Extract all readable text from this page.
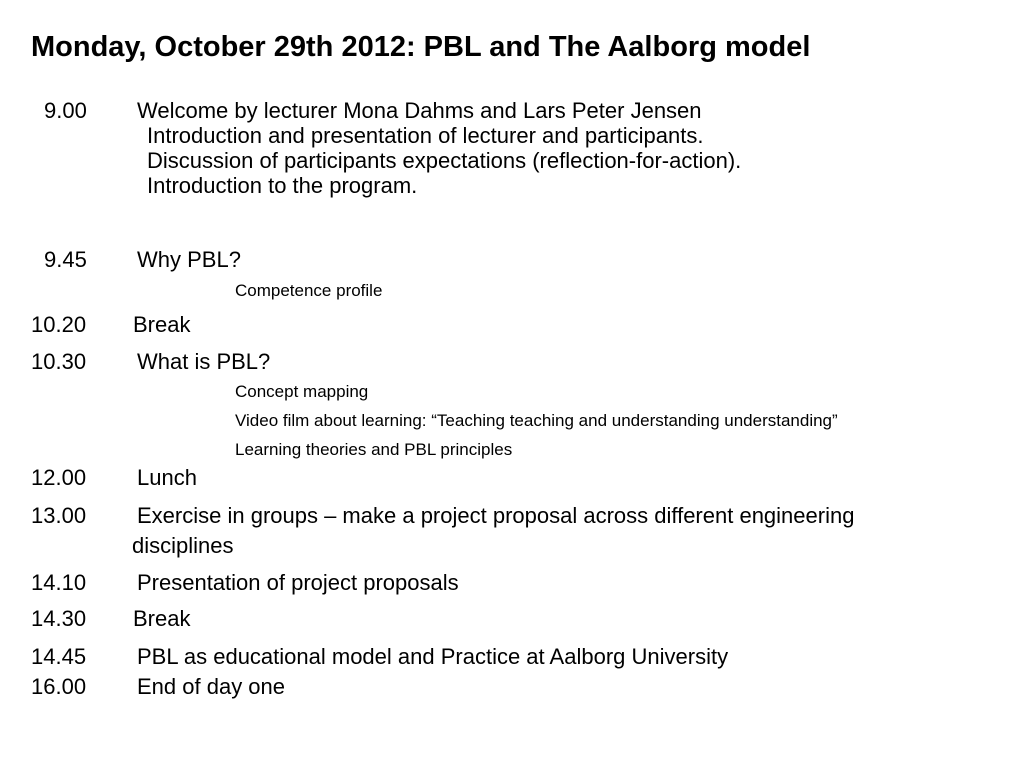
Monday, October 29th 2012: PBL and The Aalborg model
9.00 Welcome by lecturer Mona Dahms and Lars Peter Jensen
Introduction and presentation of lecturer and participants.
Discussion of participants expectations (reflection-for-action).
Introduction to the program.
9.45 Why PBL?
Competence profile
10.20 Break
10.30 What is PBL?
Concept mapping
Video film about learning: “Teaching teaching and understanding understanding”
Learning theories and PBL principles
12.00 Lunch
13.00 Exercise in groups – make a project proposal across different engineering
disciplines
14.10 Presentation of project proposals
14.30 Break
14.45 PBL as educational model and Practice at Aalborg University
16.00 End of day one
